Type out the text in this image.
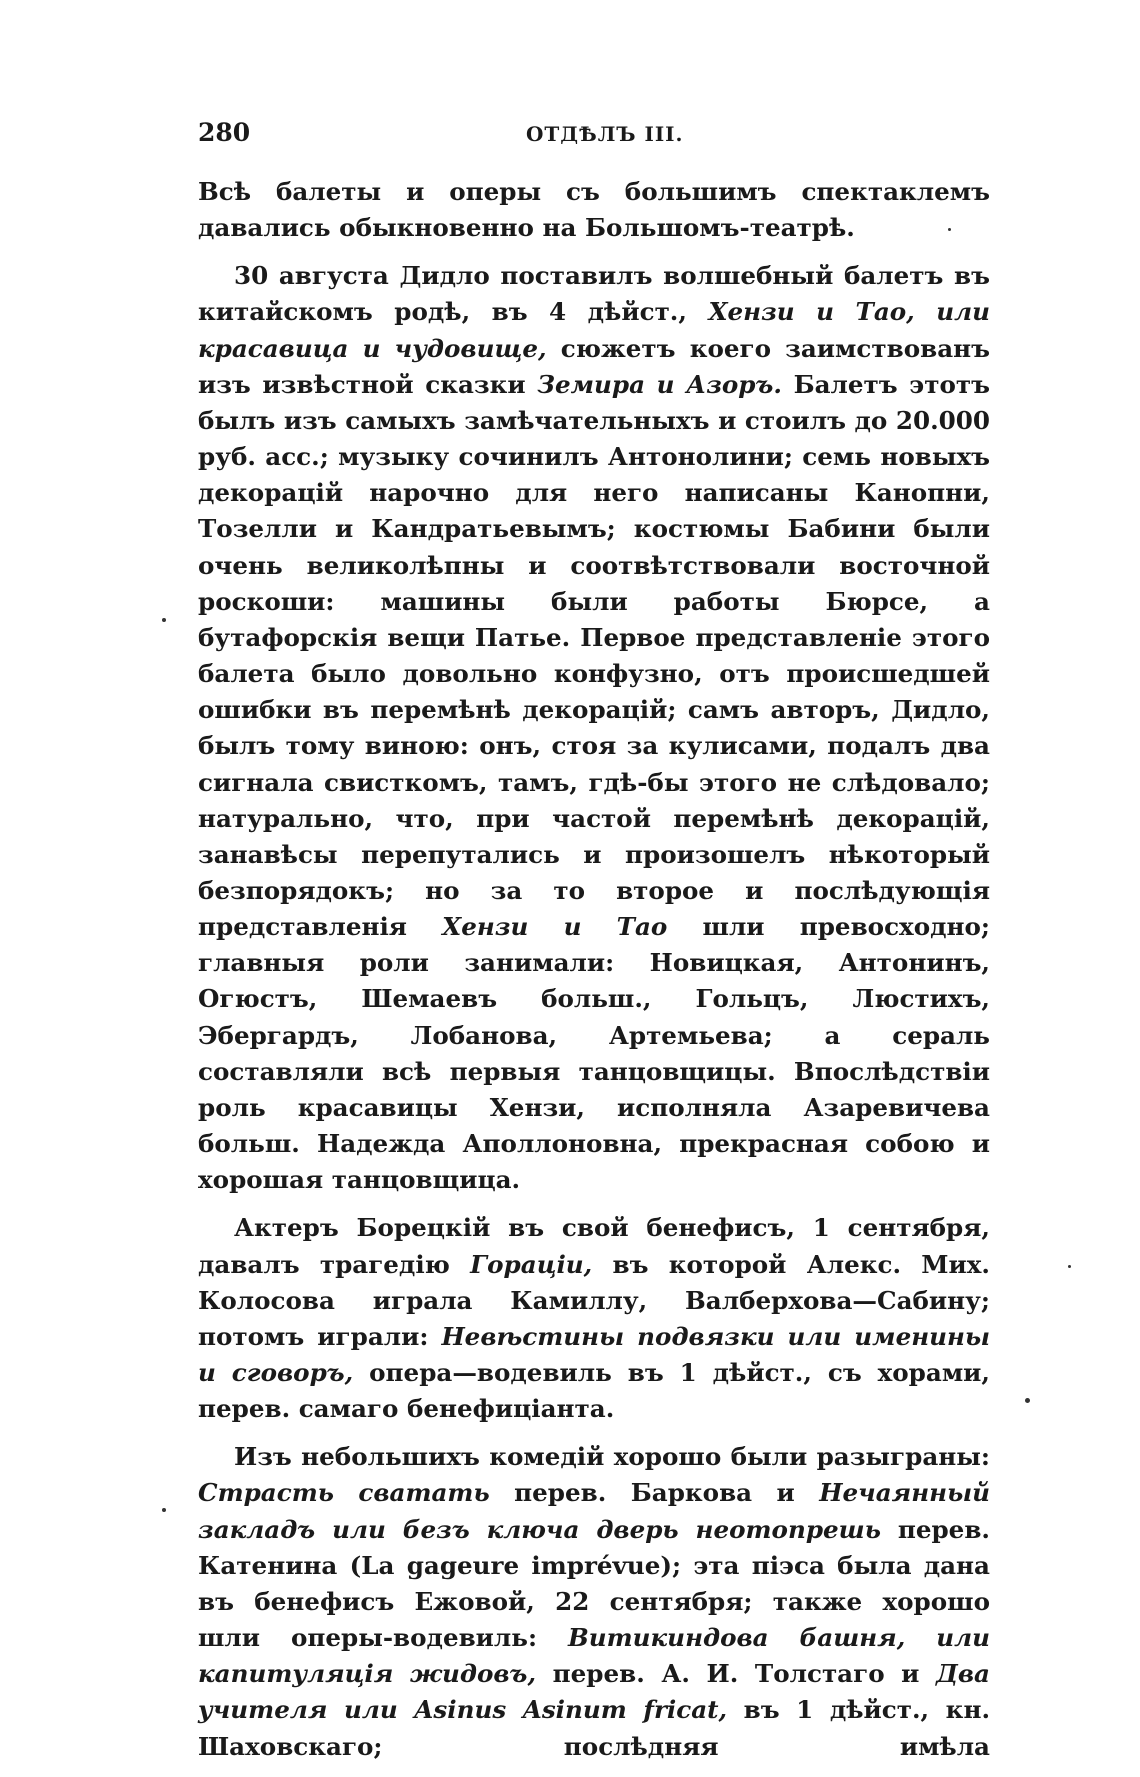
280	ОТДѢЛЪ III.

Всѣ балеты и оперы съ большимъ спектаклемъ давались обыкновенно на Большомъ-театрѣ.

30 августа Дидло поставилъ волшебный балетъ въ китайскомъ родѣ, въ 4 дѣйст., Хензи и Тао, или красавица и чудовище, сюжетъ коего заимствованъ изъ извѣстной сказки Земира и Азоръ. Балетъ этотъ былъ изъ самыхъ замѣчательныхъ и стоилъ до 20.000 руб. асс.; музыку сочинилъ Антонолини; семь новыхъ декорацій нарочно для него написаны Канопни, Тозелли и Кандратьевымъ; костюмы Бабини были очень великолѣпны и соотвѣтствовали восточной роскоши: машины были работы Бюрсе, а бутафорскія вещи Патье. Первое представленіе этого балета было довольно конфузно, отъ происшедшей ошибки въ перемѣнѣ декорацій; самъ авторъ, Дидло, былъ тому виною: онъ, стоя за кулисами, подалъ два сигнала свисткомъ, тамъ, гдѣ-бы этого не слѣдовало; натурально, что, при частой перемѣнѣ декорацій, занавѣсы перепутались и произошелъ нѣкоторый безпорядокъ; но за то второе и послѣдующія представленія Хензи и Тао шли превосходно; главныя роли занимали: Новицкая, Антонинъ, Огюстъ, Шемаевъ больш., Гольцъ, Люстихъ, Эбергардъ, Лобанова, Артемьева; а сераль составляли всѣ первыя танцовщицы. Впослѣдствіи роль красавицы Хензи, исполняла Азаревичева больш. Надежда Аполлоновна, прекрасная собою и хорошая танцовщица.

Актеръ Борецкій въ свой бенефисъ, 1 сентября, давалъ трагедію Гораціи, въ которой Алекс. Мих. Колосова играла Камиллу, Валберхова—Сабину; потомъ играли: Невѣстины подвязки или именины и сговоръ, опера—водевиль въ 1 дѣйст., съ хорами, перев. самаго бенефиціанта.

Изъ небольшихъ комедій хорошо были разыграны: Страсть сватать перев. Баркова и Нечаянный закладъ или безъ ключа дверь неотопрешь перев. Катенина (La gageure imprévue); эта піэса была дана въ бенефисъ Ежовой, 22 сентября; также хорошо шли оперы-водевиль: Витикиндова башня, или капитуляція жидовъ, перев. А. И. Толстаго и Два учителя или Asinus Asinum fricat, въ 1 дѣйст., кн. Шаховскаго; послѣдняя имѣла
